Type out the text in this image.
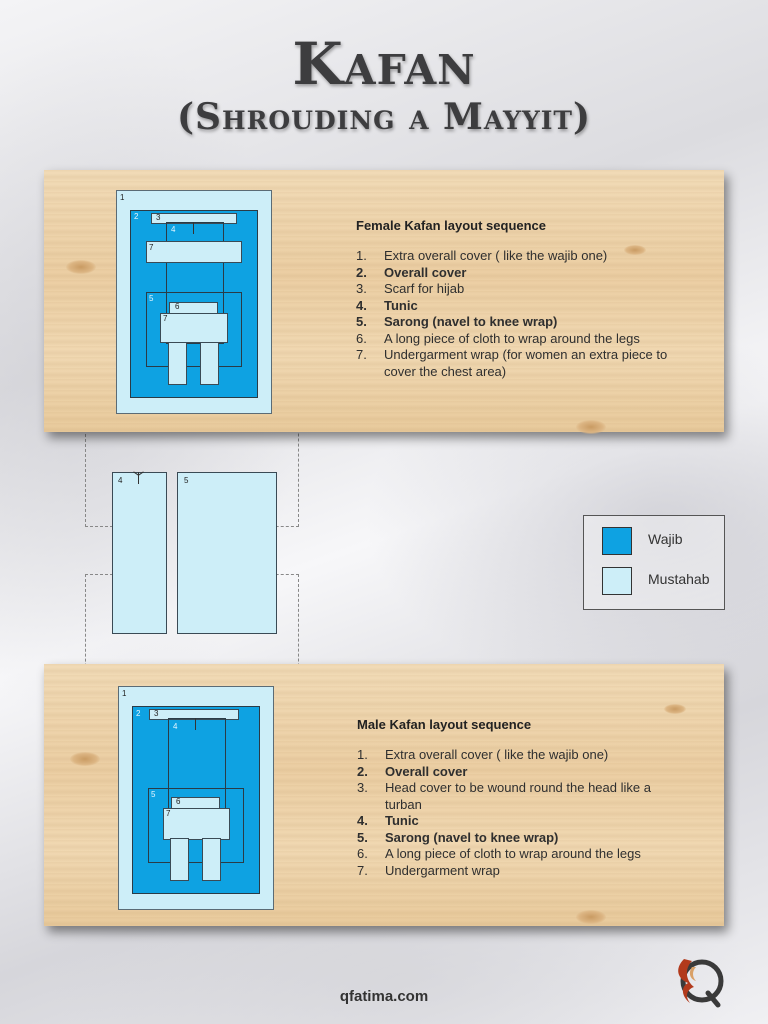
Kafan
(Shrouding a Mayyit)
1
2 3
4
7
5
6
7
Female Kafan layout sequence
1. Extra overall cover ( like the wajib one)
2. Overall cover
3. Scarf for hijab
4. Tunic
5. Sarong (navel to knee wrap)
6. A long piece of cloth to wrap around the legs
7. Undergarment wrap (for women an extra piece to cover the chest area)
4	5
Wajib
Mustahab
1
2 3
4
5
6
7
Male Kafan layout sequence
1. Extra overall cover ( like the wajib one)
2. Overall cover
3. Head cover to be wound round the head like a turban
4. Tunic
5. Sarong (navel to knee wrap)
6. A long piece of cloth to wrap around the legs
7. Undergarment wrap
qfatima.com
